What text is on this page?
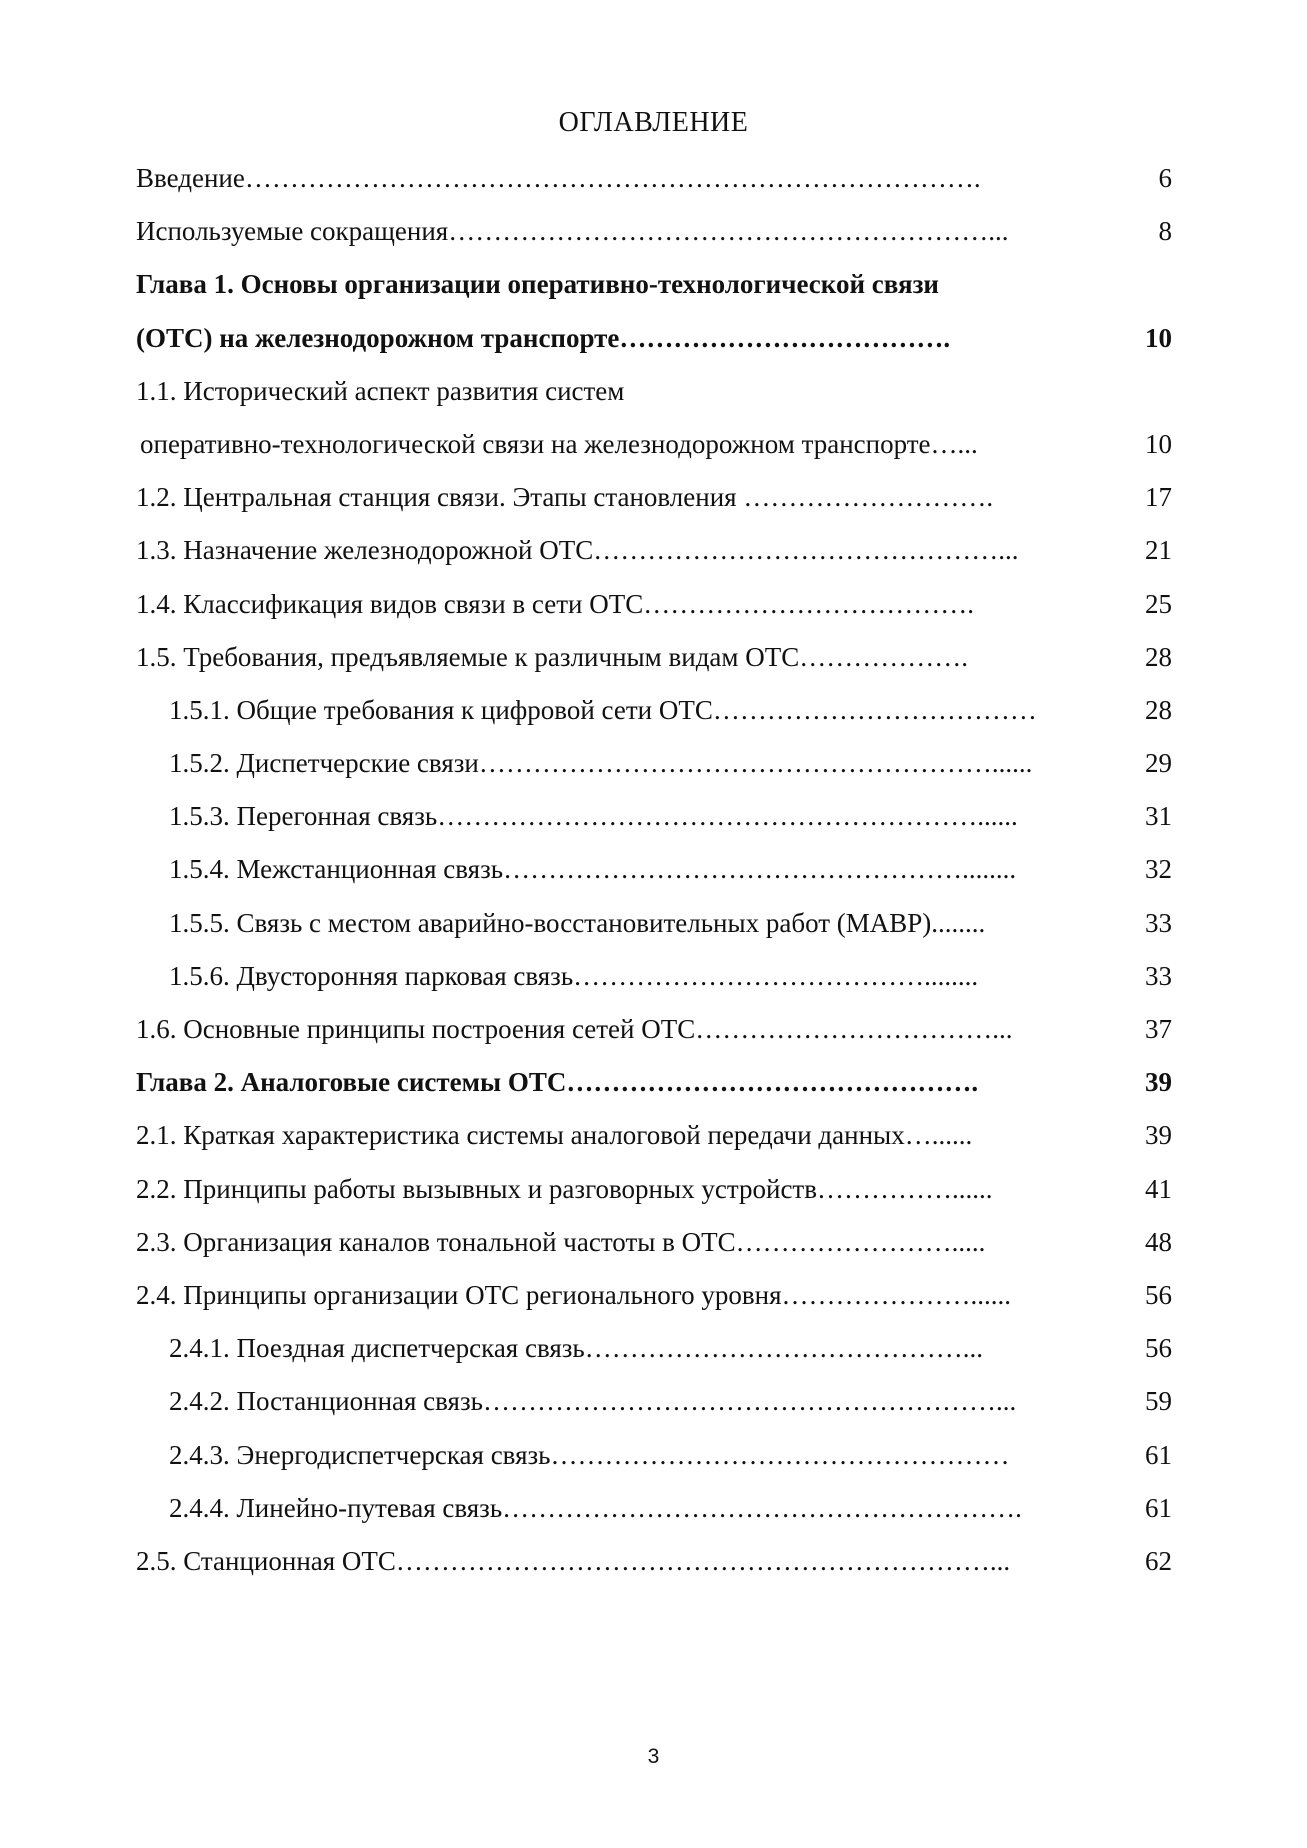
ОГЛАВЛЕНИЕ
Введение……………………………………………………………………….	6
Используемые сокращения……………………………………………………...	8
Глава 1. Основы организации оперативно-технологической связи
(ОТС) на железнодорожном транспорте……………………………….	10
1.1. Исторический аспект развития систем
оперативно-технологической связи на железнодорожном транспорте…...	10
1.2. Центральная станция связи. Этапы становления ……………………….	17
1.3. Назначение железнодорожной ОТС………………………………………...	21
1.4. Классификация видов связи в сети ОТС……………………………….	25
1.5. Требования, предъявляемые к различным видам ОТС……………….	28
1.5.1. Общие требования к цифровой сети ОТС………………………………	28
1.5.2. Диспетчерские связи…………………………………………………......	29
1.5.3. Перегонная связь……………………………………………………......	31
1.5.4. Межстанционная связь……………………………………………........	32
1.5.5. Связь с местом аварийно-восстановительных работ (МАВР)........	33
1.5.6. Двусторонняя парковая связь…………………………………........	33
1.6. Основные принципы построения сетей ОТС……………………………...	37
Глава 2. Аналоговые системы ОТС……………………………………….	39
2.1. Краткая характеристика системы аналоговой передачи данных…......	39
2.2. Принципы работы вызывных и разговорных устройств……………......	41
2.3. Организация каналов тональной частоты в ОТС…………………….....	48
2.4. Принципы организации ОТС регионального уровня…………………......	56
2.4.1. Поездная диспетчерская связь……………………………………...	56
2.4.2. Постанционная связь…………………………………………………...	59
2.4.3. Энергодиспетчерская связь……………………………………………	61
2.4.4. Линейно-путевая связь………………………………………………….	61
2.5. Станционная ОТС…………………………………………………………...	62
3
